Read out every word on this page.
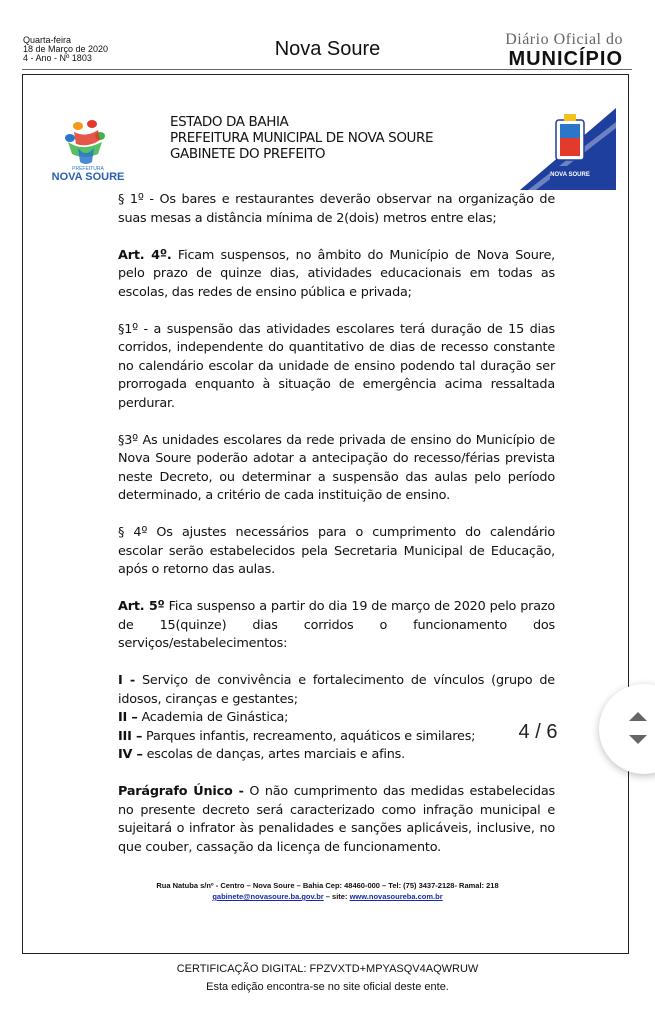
Quarta-feira
18 de Março de 2020
4 - Ano - Nº 1803	Nova Soure	Diário Oficial do
MUNICÍPIO
PREFEITURA
NOVA SOURE
ESTADO DA BAHIA
PREFEITURA MUNICIPAL DE NOVA SOURE
GABINETE DO PREFEITO
NOVA SOURE

§ 1º - Os bares e restaurantes deverão observar na organização de suas mesas a distância mínima de 2(dois) metros entre elas;

Art. 4º. Ficam suspensos, no âmbito do Município de Nova Soure, pelo prazo de quinze dias, atividades educacionais em todas as escolas, das redes de ensino pública e privada;

§1º - a suspensão das atividades escolares terá duração de 15 dias corridos, independente do quantitativo de dias de recesso constante no calendário escolar da unidade de ensino podendo tal duração ser prorrogada enquanto à situação de emergência acima ressaltada perdurar.

§3º As unidades escolares da rede privada de ensino do Município de Nova Soure poderão adotar a antecipação do recesso/férias prevista neste Decreto, ou determinar a suspensão das aulas pelo período determinado, a critério de cada instituição de ensino.

§ 4º Os ajustes necessários para o cumprimento do calendário escolar serão estabelecidos pela Secretaria Municipal de Educação, após o retorno das aulas.

Art. 5º Fica suspenso a partir do dia 19 de março de 2020 pelo prazo de 15(quinze) dias corridos o funcionamento dos serviços/estabelecimentos:

I - Serviço de convivência e fortalecimento de vínculos (grupo de idosos, ciranças e gestantes;

II – Academia de Ginástica;

III – Parques infantis, recreamento, aquáticos e similares;

IV – escolas de danças, artes marciais e afins.

Parágrafo Único - O não cumprimento das medidas estabelecidas no presente decreto será caracterizado como infração municipal e sujeitará o infrator às penalidades e sanções aplicáveis, inclusive, no que couber, cassação da licença de funcionamento.

Rua Natuba s/nº - Centro – Nova Soure – Bahia Cep: 48460-000 – Tel: (75) 3437-2128- Ramal: 218
gabinete@novasoure.ba.gov.br – site: www.novasoureba.com.br
CERTIFICAÇÃO DIGITAL: FPZVXTD+MPYASQV4AQWRUW
Esta edição encontra-se no site oficial deste ente.
4 / 6
